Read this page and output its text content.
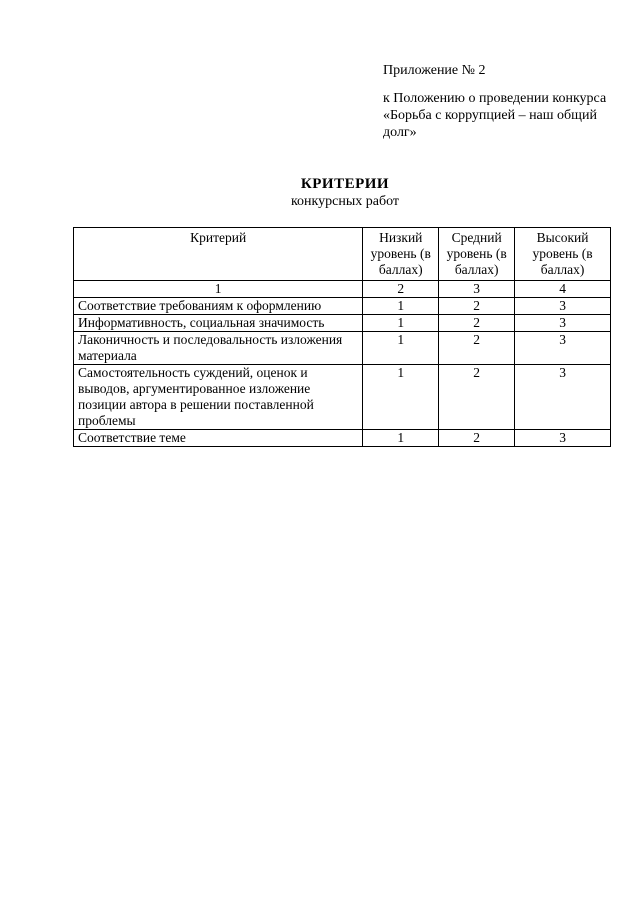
Приложение № 2
к Положению о проведении конкурса «Борьба с коррупцией – наш общий долг»
КРИТЕРИИ
конкурсных работ
Критерий	Низкий уровень (в баллах)	Средний уровень (в баллах)	Высокий уровень (в баллах)
1	2	3	4
Соответствие требованиям к оформлению	1	2	3
Информативность, социальная значимость	1	2	3
Лаконичность и последовальность изложения материала	1	2	3
Самостоятельность суждений, оценок и выводов, аргументированное изложение позиции автора в решении поставленной проблемы	1	2	3
Соответствие теме	1	2	3
